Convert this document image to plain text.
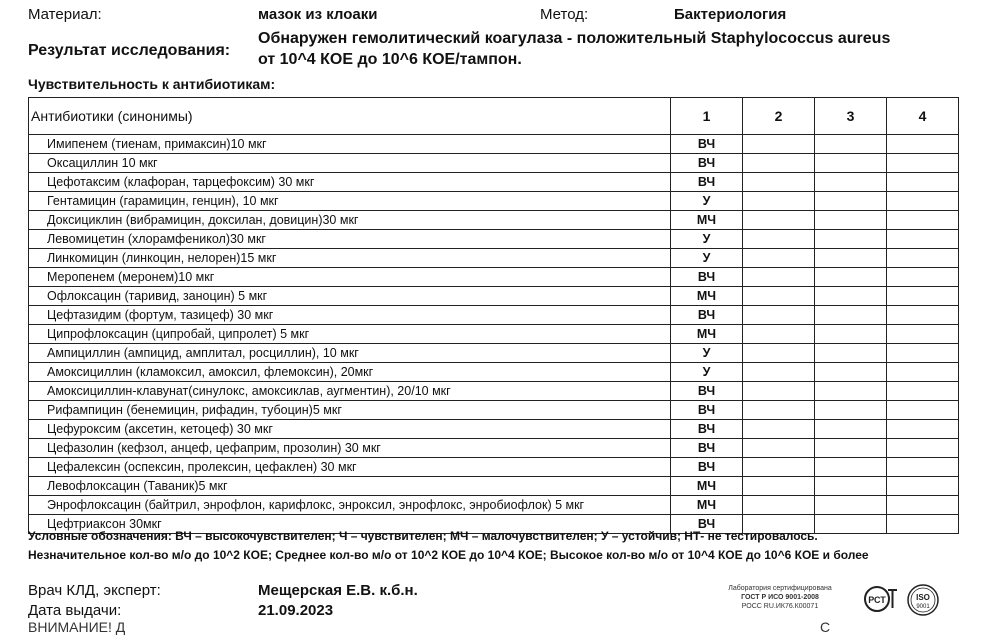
Материал:	мазок из клоаки	Метод:	Бактериология
Результат исследования:
Обнаружен гемолитический коагулаза - положительный Staphylococcus aureus
от 10^4 КОЕ до 10^6 КОЕ/тампон.
Чувствительность к антибиотикам:
Антибиотики (синонимы)	1	2	3	4
Имипенем (тиенам, примаксин)10 мкг	ВЧ			
Оксациллин 10 мкг	ВЧ			
Цефотаксим (клафоран, тарцефоксим) 30 мкг	ВЧ			
Гентамицин (гарамицин, генцин), 10 мкг	У			
Доксициклин (вибрамицин, доксилан, довицин)30 мкг	МЧ			
Левомицетин (хлорамфеникол)30 мкг	У			
Линкомицин (линкоцин, нелорен)15 мкг	У			
Меропенем (меронем)10 мкг	ВЧ			
Офлоксацин (таривид, заноцин) 5 мкг	МЧ			
Цефтазидим (фортум, тазицеф) 30 мкг	ВЧ			
Ципрофлоксацин (ципробай, ципролет) 5 мкг	МЧ			
Ампициллин (ампицид, амплитал, росциллин), 10 мкг	У			
Амоксициллин (кламоксил, амоксил, флемоксин), 20мкг	У			
Амоксициллин-клавунат(синулокс, амоксиклав, аугментин), 20/10 мкг	ВЧ			
Рифампицин (бенемицин, рифадин, тубоцин)5 мкг	ВЧ			
Цефуроксим (аксетин, кетоцеф) 30 мкг	ВЧ			
Цефазолин (кефзол, анцеф, цефаприм, прозолин) 30 мкг	ВЧ			
Цефалексин (оспексин, пролексин, цефаклен) 30 мкг	ВЧ			
Левофлоксацин (Таваник)5 мкг	МЧ			
Энрофлоксацин (байтрил, энрофлон, карифлокс, энроксил, энрофлокс, энробиофлок) 5 мкг	МЧ			
Цефтриаксон 30мкг	ВЧ			
Условные обозначения: ВЧ – высокочувствителен; Ч – чувствителен; МЧ – малочувствителен; У – устойчив; НТ- не тестировалось.
Незначительное кол-во м/о до 10^2 КОЕ; Среднее кол-во м/о от 10^2 КОЕ до 10^4 КОЕ; Высокое кол-во м/о от 10^4 КОЕ до 10^6 КОЕ и более
Врач КЛД, эксперт:	Мещерская Е.В. к.б.н.
Дата выдачи:	21.09.2023
ВНИМАНИЕ! Д	С
Лаборатория сертифицирована
ГОСТ Р ИСО 9001-2008
РОСС RU.ИК76.К00071
РСТ	ISO
9001
